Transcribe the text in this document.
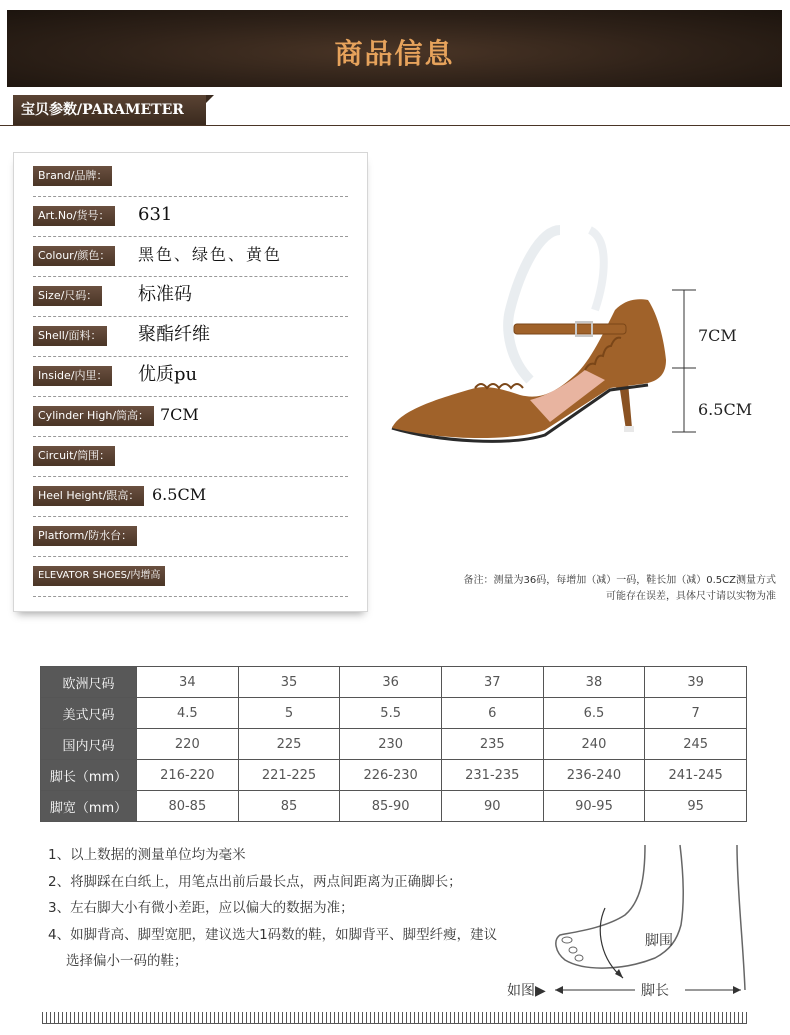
商品信息
宝贝参数/PARAMETER
Brand/品牌：
Art.No/货号： 631
Colour/颜色：	黑色、绿色、黄色
Size/尺码： 标准码
Shell/面料： 聚酯纤维
Inside/内里： 优质pu
Cylinder High/筒高： 7CM
Circuit/筒围：
Heel Height/跟高： 6.5CM
Platform/防水台：
ELEVATOR SHOES/内增高
7CM
6.5CM
备注：测量为36码，每增加（减）一码，鞋长加（减）0.5CZ测量方式
可能存在误差，具体尺寸请以实物为准
欧洲尺码	34	35	36	37	38	39
美式尺码	4.5	5	5.5	6	6.5	7
国内尺码	220	225	230	235	240	245
脚长（mm）	216-220	221-225	226-230	231-235	236-240	241-245
脚宽（mm）	80-85	85	85-90	90	90-95	95
1、以上数据的测量单位均为毫米
2、将脚踩在白纸上，用笔点出前后最长点，两点间距离为正确脚长；
3、左右脚大小有微小差距，应以偏大的数据为准；
4、如脚背高、脚型宽肥，建议选大1码数的鞋，如脚背平、脚型纤瘦，建议
选择偏小一码的鞋；
脚围
脚长
如图▶
